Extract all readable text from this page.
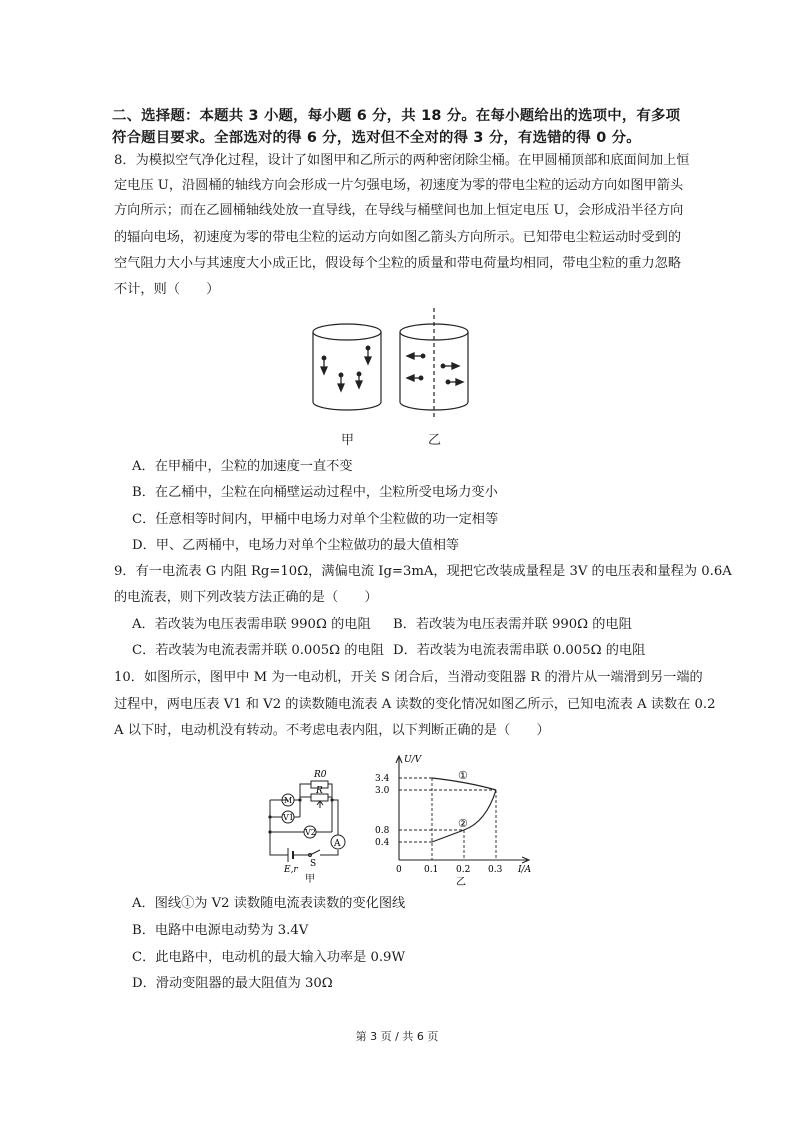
二、选择题：本题共 3 小题，每小题 6 分，共 18 分。在每小题给出的选项中，有多项
符合题目要求。全部选对的得 6 分，选对但不全对的得 3 分，有选错的得 0 分。
8．为模拟空气净化过程，设计了如图甲和乙所示的两种密闭除尘桶。在甲圆桶顶部和底面间加上恒
定电压 U，沿圆桶的轴线方向会形成一片匀强电场，初速度为零的带电尘粒的运动方向如图甲箭头
方向所示；而在乙圆桶轴线处放一直导线，在导线与桶壁间也加上恒定电压 U，会形成沿半径方向
的辐向电场，初速度为零的带电尘粒的运动方向如图乙箭头方向所示。已知带电尘粒运动时受到的
空气阻力大小与其速度大小成正比，假设每个尘粒的质量和带电荷量均相同，带电尘粒的重力忽略
不计，则（　　）
甲	乙
A．在甲桶中，尘粒的加速度一直不变
B．在乙桶中，尘粒在向桶壁运动过程中，尘粒所受电场力变小
C．任意相等时间内，甲桶中电场力对单个尘粒做的功一定相等
D．甲、乙两桶中，电场力对单个尘粒做功的最大值相等
9．有一电流表 G 内阻 Rg=10Ω，满偏电流 Ig=3mA，现把它改装成量程是 3V 的电压表和量程为 0.6A
的电流表，则下列改装方法正确的是（　　）
A．若改装为电压表需串联 990Ω 的电阻 B．若改装为电压表需并联 990Ω 的电阻
C．若改装为电流表需并联 0.005Ω 的电阻 D．若改装为电流表需串联 0.005Ω 的电阻
10．如图所示，图甲中 M 为一电动机，开关 S 闭合后，当滑动变阻器 R 的滑片从一端滑到另一端的
过程中，两电压表 V1 和 V2 的读数随电流表 A 读数的变化情况如图乙所示，已知电流表 A 读数在 0.2
A 以下时，电动机没有转动。不考虑电表内阻，以下判断正确的是（　　）
R0
R
M
V1
V2
A
E,r
S
甲
3.4
3.0
0.8
0.4
0 0.1 0.2 0.3
U/V
I/A
①
②
乙
A．图线①为 V2 读数随电流表读数的变化图线
B．电路中电源电动势为 3.4V
C．此电路中，电动机的最大输入功率是 0.9W
D．滑动变阻器的最大阻值为 30Ω
第 3 页 / 共 6 页
